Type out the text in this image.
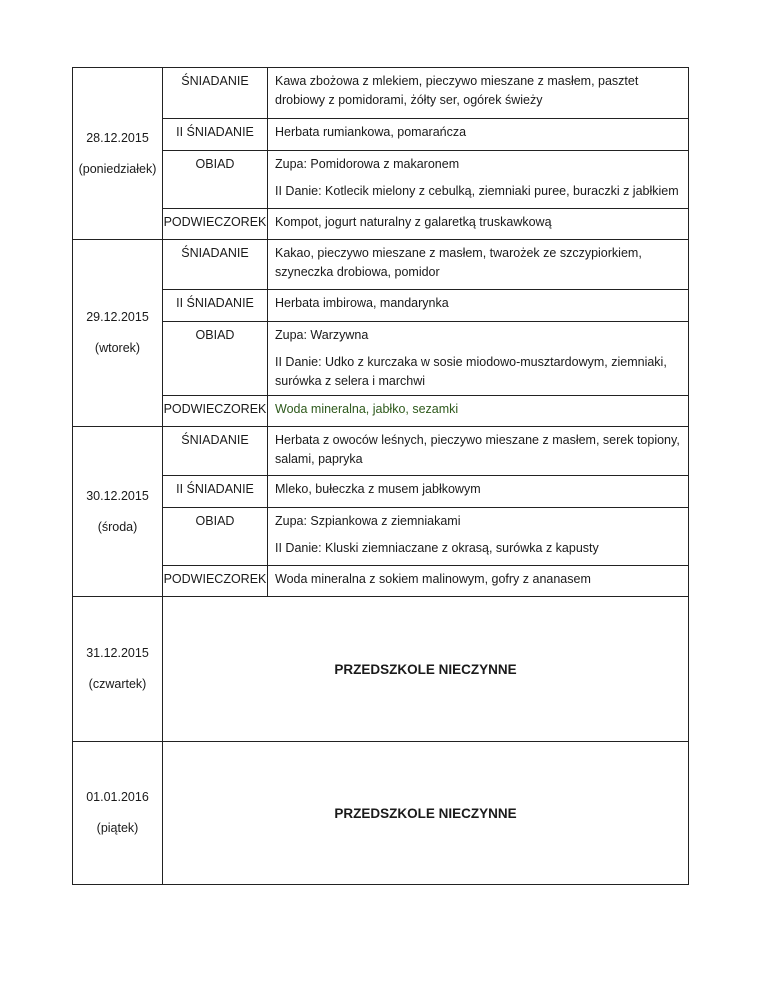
28.12.2015
(poniedziałek)	ŚNIADANIE	Kawa zbożowa z mlekiem, pieczywo mieszane z masłem, pasztet drobiowy z pomidorami, żółty ser, ogórek świeży
	II ŚNIADANIE	Herbata rumiankowa, pomarańcza
	OBIAD	Zupa: Pomidorowa z makaronem
II Danie: Kotlecik mielony z cebulką, ziemniaki puree, buraczki z jabłkiem

	PODWIECZOREK	Kompot, jogurt naturalny z galaretką truskawkową

29.12.2015
(wtorek)	ŚNIADANIE	Kakao, pieczywo mieszane z masłem, twarożek ze szczypiorkiem, szyneczka drobiowa, pomidor
	II ŚNIADANIE	Herbata imbirowa, mandarynka
	OBIAD	Zupa: Warzywna
II Danie: Udko z kurczaka w sosie miodowo-musztardowym, ziemniaki, surówka z selera i marchwi

	PODWIECZOREK	Woda mineralna, jabłko, sezamki

30.12.2015
(środa)	ŚNIADANIE	Herbata z owoców leśnych, pieczywo mieszane z masłem, serek topiony, salami, papryka
	II ŚNIADANIE	Mleko, bułeczka z musem jabłkowym
	OBIAD	Zupa: Szpiankowa z ziemniakami
II Danie: Kluski ziemniaczane z okrasą, surówka z kapusty

	PODWIECZOREK	Woda mineralna z sokiem malinowym, gofry z ananasem

31.12.2015
(czwartek)	PRZEDSZKOLE NIECZYNNE	

01.01.2016
(piątek)	PRZEDSZKOLE NIECZYNNE	
